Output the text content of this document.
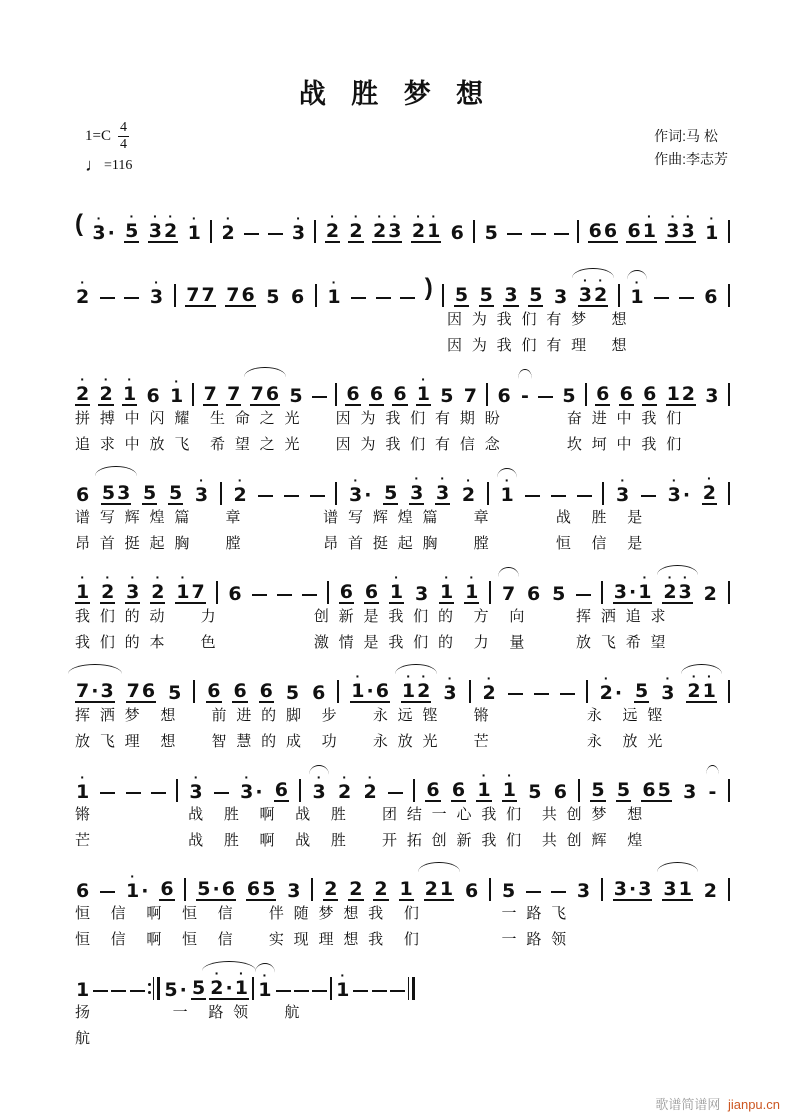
战 胜 梦 想
1=C
4
4
♩ =116
作词:马 松
作曲:李志芳
( ·
3
·
·
5
·
3
·
2
·
1
·
2
·
3
·
2
·
2
·
2
·
3
·
2
·
1
6
5
	6
6
6
·
1
·
3
·
3
·
1
·
2
·
3
7
7
7
6
5
6
·
1	)
5
5
3
5
3
·
3
·
2
·
1
	6
　　　　　　　　　　　　　　　　　　　　　　　　因  为  我  们  有  梦　  想
　　　　　　　　　　　　　　　　　　　　　　　　因  为  我  们  有  理　  想
·
2
·
2
·
1
6
·
1
7
7
7
6
5
6
6
6
·
1
5
7
6
-
5
6
6
6
1
2
3
拼  搏  中  闪  耀　 生  命  之  光　　 因  为  我  们  有  期  盼　　　　 奋  进  中  我  们
追  求  中  放  飞　 希  望  之  光　　 因  为  我  们  有  信  念　　　　 坎  坷  中  我  们

6
5
3
5
5
·
3
·
2
·
3
·
5
·
3
·
3
·
2
·
1
·
3
·
3
·
·
2
谱  写  辉  煌  篇　　 章　　　　　 谱  写  辉  煌  篇　　 章　　　　 战　 胜　 是
昂  首  挺  起  胸　　 膛　　　　　 昂  首  挺  起  胸　　 膛　　　　 恒　 信　 是
·
1
·
2
·
3
·
2
·
1
7
6
	6
6
·
1
3
·
1
·
1
7
6
5
	3
·
·
1
·
2
·
3
2
我  们  的  动　　 力　　　　　　 创  新  是  我  们  的　 方　 向　　　 挥  洒  追  求
我  们  的  本　　 色　　　　　　 激  情  是  我  们  的　 力　 量　　　 放  飞  希  望

7
·
3
7
6
5
6
6
6
5
6
·
1
·
6
·
1
·
2
·
3
·
2
·
2
·
5
·
3
·
2
·
1
挥  洒  梦　 想　　 前  进  的  脚　 步　　 永  远  铿　　 锵　　　　　　 永　 远  铿
放  飞  理　 想　　 智  慧  的  成　 功　　 永  放  光　　 芒　　　　　　 永　 放  光
·
1
·
3
·
3
·
6
·
3
·
2
·
2
	6
6
·
1
·
1
5
6
5
5
6
5
3
-
锵　　　　　　 战　 胜　 啊　 战　 胜　　 团  结  一  心  我  们　 共  创  梦　 想
芒　　　　　　 战　 胜　 啊　 战　 胜　　 开  拓  创  新  我  们　 共  创  辉　 煌

6
·
1
·
6
5
·
6
6
5
3
2
2
2
1
2
1
6
5
	3
3
·
3
3
1
2
恒　 信　 啊　 恒　 信　　 伴  随  梦  想  我　 们　　　　　 一  路  飞
恒　 信　 啊　 恒　 信　　 实  现  理  想  我　 们　　　　　 一  路  领

1
	5
·
5
·
2
·
·
1
·
1
·
1
扬　　　　　 一　 路  领　　 航
航
歌谱简谱网 jianpu.cn
